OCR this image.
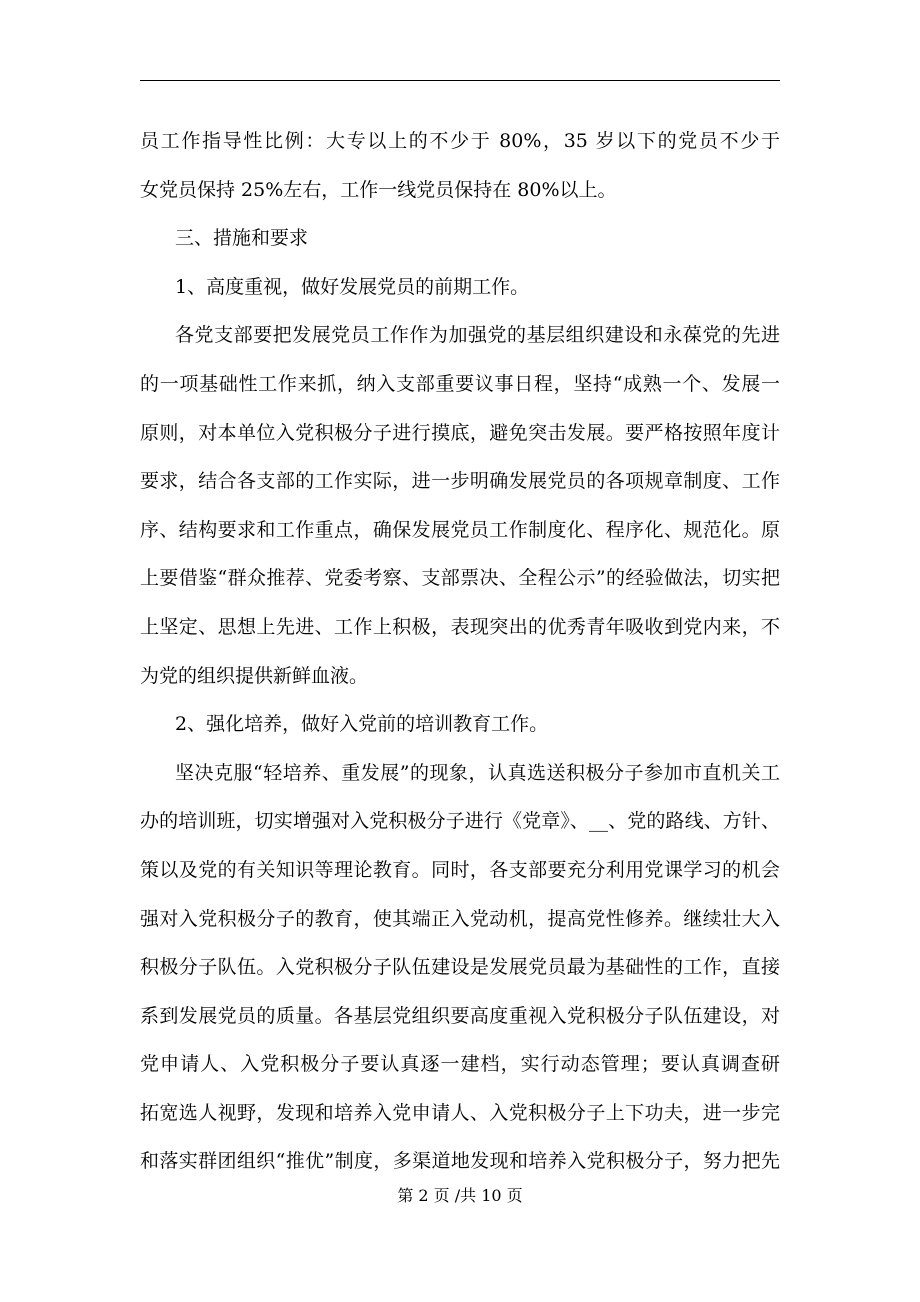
员工作指导性比例：大专以上的不少于 80%，35 岁以下的党员不少于
女党员保持 25%左右，工作一线党员保持在 80%以上。
三、措施和要求
1、高度重视，做好发展党员的前期工作。
各党支部要把发展党员工作作为加强党的基层组织建设和永葆党的先进
的一项基础性工作来抓，纳入支部重要议事日程，坚持“成熟一个、发展一
原则，对本单位入党积极分子进行摸底，避免突击发展。要严格按照年度计
要求，结合各支部的工作实际，进一步明确发展党员的各项规章制度、工作
序、结构要求和工作重点，确保发展党员工作制度化、程序化、规范化。原
上要借鉴“群众推荐、党委考察、支部票决、全程公示”的经验做法，切实把
上坚定、思想上先进、工作上积极，表现突出的优秀青年吸收到党内来，不
为党的组织提供新鲜血液。
2、强化培养，做好入党前的培训教育工作。
坚决克服“轻培养、重发展”的现象，认真选送积极分子参加市直机关工
办的培训班，切实增强对入党积极分子进行《党章》、__、党的路线、方针、
策以及党的有关知识等理论教育。同时，各支部要充分利用党课学习的机会
强对入党积极分子的教育，使其端正入党动机，提高党性修养。继续壮大入
积极分子队伍。入党积极分子队伍建设是发展党员最为基础性的工作，直接
系到发展党员的质量。各基层党组织要高度重视入党积极分子队伍建设，对
党申请人、入党积极分子要认真逐一建档，实行动态管理；要认真调查研
拓宽选人视野，发现和培养入党申请人、入党积极分子上下功夫，进一步完
和落实群团组织“推优”制度，多渠道地发现和培养入党积极分子，努力把先
第 2 页 /共 10 页
